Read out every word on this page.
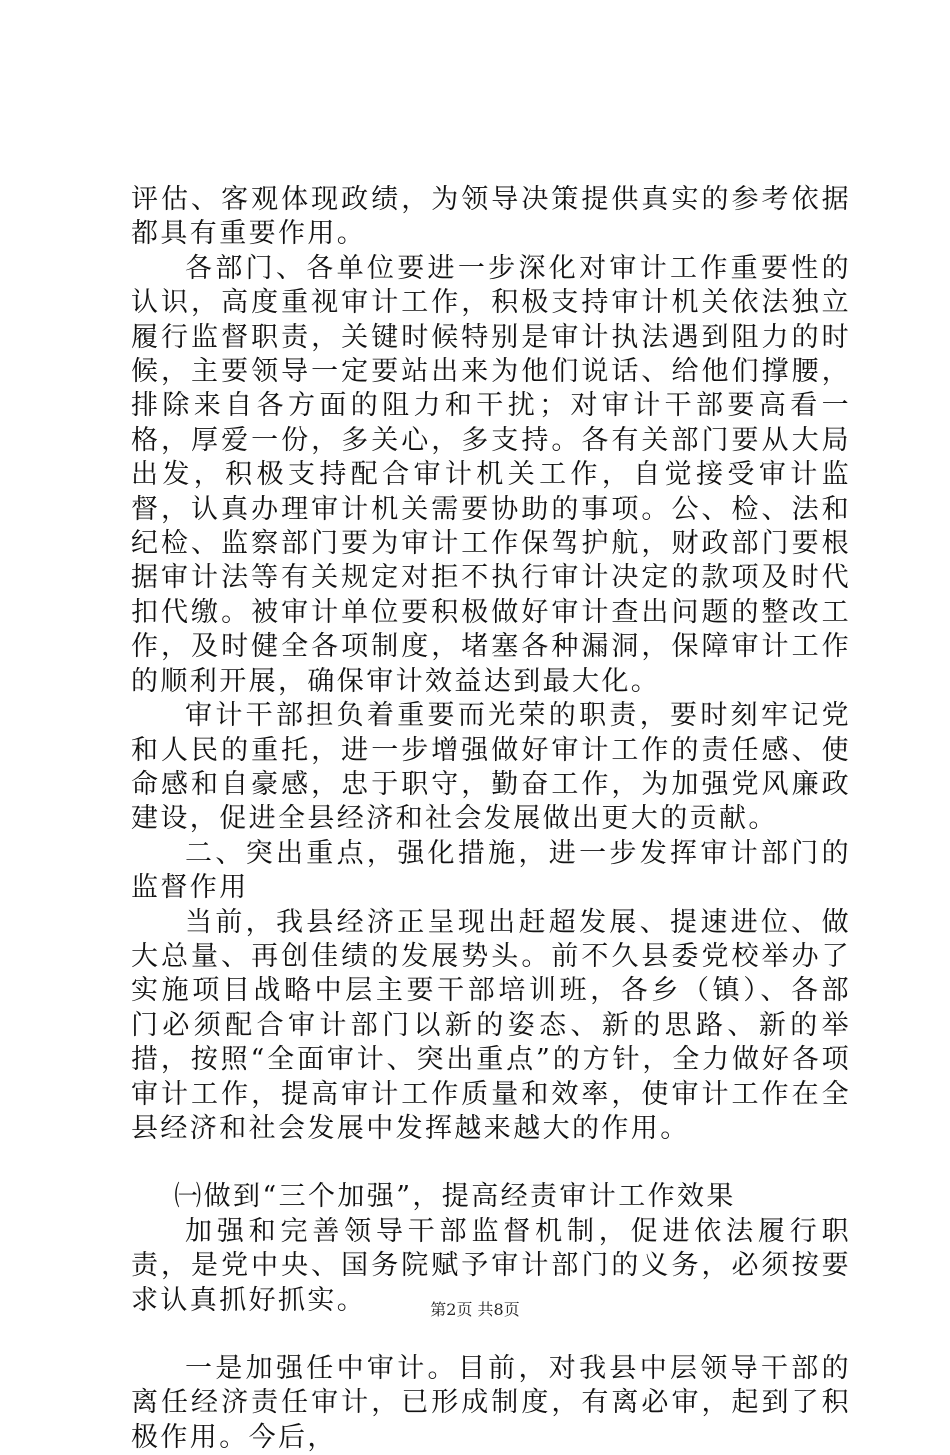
评估、客观体现政绩，为领导决策提供真实的参考依据都具有重要作用。

各部门、各单位要进一步深化对审计工作重要性的认识，高度重视审计工作，积极支持审计机关依法独立履行监督职责，关键时候特别是审计执法遇到阻力的时候，主要领导一定要站出来为他们说话、给他们撑腰，排除来自各方面的阻力和干扰；对审计干部要高看一格，厚爱一份，多关心，多支持。各有关部门要从大局出发，积极支持配合审计机关工作，自觉接受审计监督，认真办理审计机关需要协助的事项。公、检、法和纪检、监察部门要为审计工作保驾护航，财政部门要根据审计法等有关规定对拒不执行审计决定的款项及时代扣代缴。被审计单位要积极做好审计查出问题的整改工作，及时健全各项制度，堵塞各种漏洞，保障审计工作的顺利开展，确保审计效益达到最大化。

审计干部担负着重要而光荣的职责，要时刻牢记党和人民的重托，进一步增强做好审计工作的责任感、使命感和自豪感，忠于职守，勤奋工作，为加强党风廉政建设，促进全县经济和社会发展做出更大的贡献。

二、突出重点，强化措施，进一步发挥审计部门的监督作用

当前，我县经济正呈现出赶超发展、提速进位、做大总量、再创佳绩的发展势头。前不久县委党校举办了实施项目战略中层主要干部培训班，各乡（镇）、各部门必须配合审计部门以新的姿态、新的思路、新的举措，按照“全面审计、突出重点”的方针，全力做好各项审计工作，提高审计工作质量和效率，使审计工作在全县经济和社会发展中发挥越来越大的作用。

㈠做到“三个加强”，提高经责审计工作效果

加强和完善领导干部监督机制，促进依法履行职责，是党中央、国务院赋予审计部门的义务，必须按要求认真抓好抓实。

一是加强任中审计。目前，对我县中层领导干部的离任经济责任审计，已形成制度，有离必审，起到了积极作用。今后，

第2页 共8页
